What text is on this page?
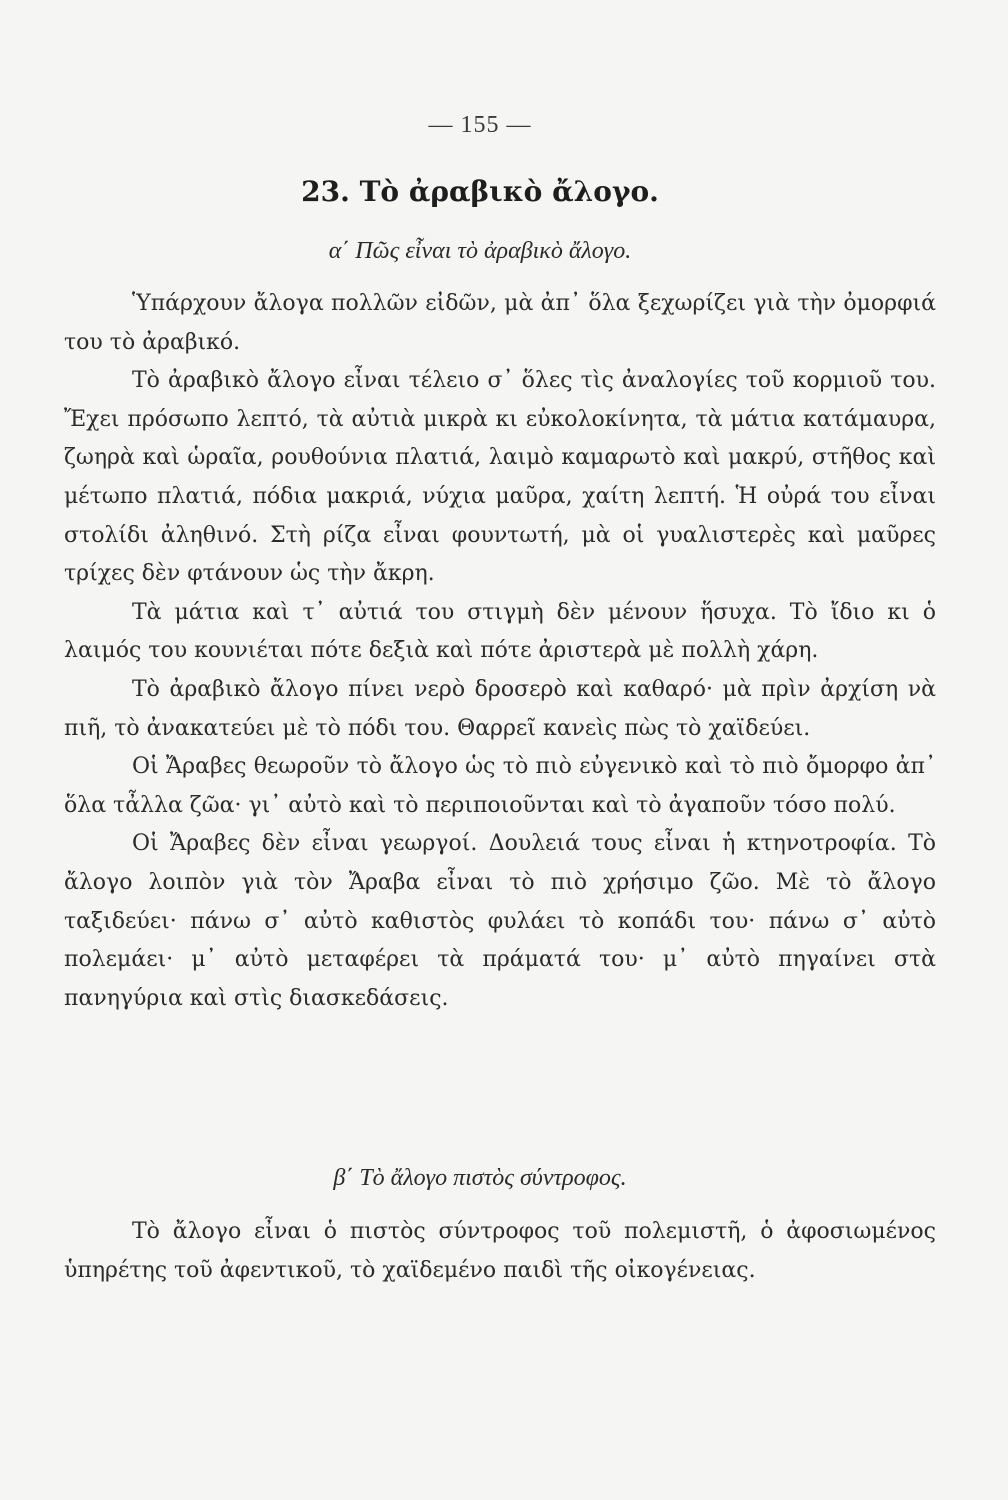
— 155 —
23. Τὸ ἀραβικὸ ἄλογο.
α΄ Πῶς εἶναι τὸ ἀραβικὸ ἄλογο.

Ὑπάρχουν ἄλογα πολλῶν εἰδῶν, μὰ ἀπ᾽ ὅλα ξεχωρίζει γιὰ τὴν ὀμορφιά του τὸ ἀραβικό.

Τὸ ἀραβικὸ ἄλογο εἶναι τέλειο σ᾽ ὅλες τὶς ἀναλογίες τοῦ κορμιοῦ του. Ἔχει πρόσωπο λεπτό, τὰ αὐτιὰ μικρὰ κι εὐκολοκίνητα, τὰ μάτια κατάμαυρα, ζωηρὰ καὶ ὡραῖα, ρουθούνια πλατιά, λαιμὸ καμαρωτὸ καὶ μακρύ, στῆθος καὶ μέτωπο πλατιά, πόδια μακριά, νύχια μαῦρα, χαίτη λεπτή. Ἡ οὐρά του εἶναι στολίδι ἀληθινό. Στὴ ρίζα εἶναι φουντωτή, μὰ οἱ γυαλιστερὲς καὶ μαῦρες τρίχες δὲν φτάνουν ὡς τὴν ἄκρη.

Τὰ μάτια καὶ τ᾽ αὐτιά του στιγμὴ δὲν μένουν ἥσυχα. Τὸ ἴδιο κι ὁ λαιμός του κουνιέται πότε δεξιὰ καὶ πότε ἀριστερὰ μὲ πολλὴ χάρη.

Τὸ ἀραβικὸ ἄλογο πίνει νερὸ δροσερὸ καὶ καθαρό· μὰ πρὶν ἀρχίση νὰ πιῆ, τὸ ἀνακατεύει μὲ τὸ πόδι του. Θαρρεῖ κανεὶς πὼς τὸ χαϊδεύει.

Οἱ Ἄραβες θεωροῦν τὸ ἄλογο ὡς τὸ πιὸ εὐγενικὸ καὶ τὸ πιὸ ὄμορφο ἀπ᾽ ὅλα τἆλλα ζῶα· γι᾽ αὐτὸ καὶ τὸ περιποιοῦνται καὶ τὸ ἀγαποῦν τόσο πολύ.

Οἱ Ἄραβες δὲν εἶναι γεωργοί. Δουλειά τους εἶναι ἡ κτηνοτροφία. Τὸ ἄλογο λοιπὸν γιὰ τὸν Ἄραβα εἶναι τὸ πιὸ χρήσιμο ζῶο. Μὲ τὸ ἄλογο ταξιδεύει· πάνω σ᾽ αὐτὸ καθιστὸς φυλάει τὸ κοπάδι του· πάνω σ᾽ αὐτὸ πολεμάει· μ᾽ αὐτὸ μεταφέρει τὰ πράματά του· μ᾽ αὐτὸ πηγαίνει στὰ πανηγύρια καὶ στὶς διασκεδάσεις.

β΄ Τὸ ἄλογο πιστὸς σύντροφος.

Τὸ ἄλογο εἶναι ὁ πιστὸς σύντροφος τοῦ πολεμιστῆ, ὁ ἀφοσιωμένος ὑπηρέτης τοῦ ἀφεντικοῦ, τὸ χαϊδεμένο παιδὶ τῆς οἰκογένειας.
